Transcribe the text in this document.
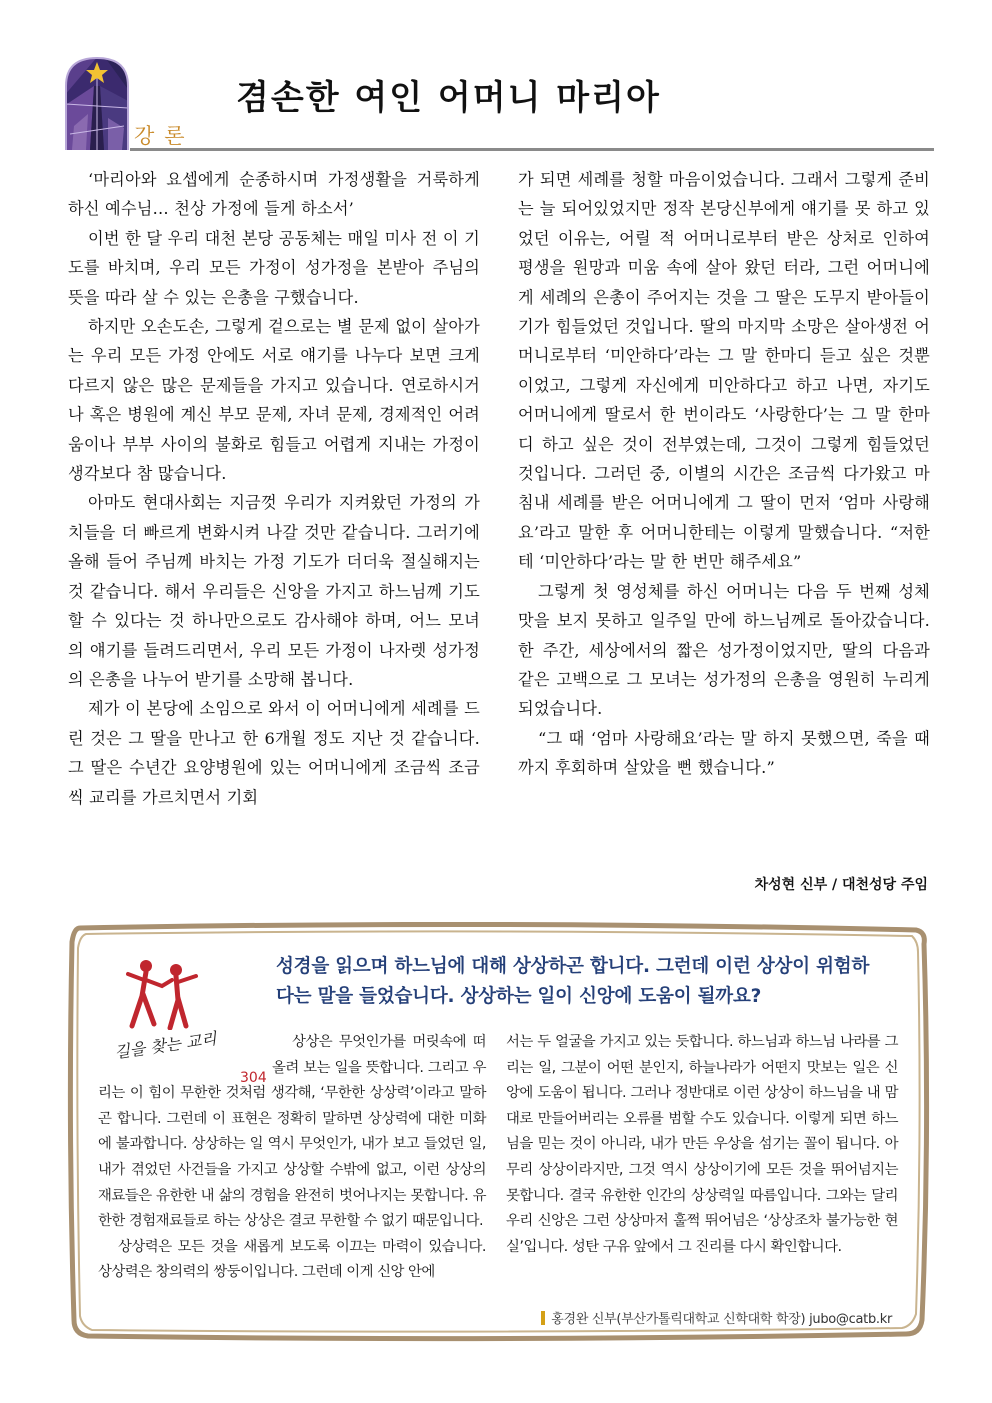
강론
겸손한 여인 어머니 마리아

‘마리아와 요셉에게 순종하시며 가정생활을 거룩하게 하신 예수님… 천상 가정에 들게 하소서’

이번 한 달 우리 대천 본당 공동체는 매일 미사 전 이 기도를 바치며, 우리 모든 가정이 성가정을 본받아 주님의 뜻을 따라 살 수 있는 은총을 구했습니다.

하지만 오손도손, 그렇게 겉으로는 별 문제 없이 살아가는 우리 모든 가정 안에도 서로 얘기를 나누다 보면 크게 다르지 않은 많은 문제들을 가지고 있습니다. 연로하시거나 혹은 병원에 계신 부모 문제, 자녀 문제, 경제적인 어려움이나 부부 사이의 불화로 힘들고 어렵게 지내는 가정이 생각보다 참 많습니다.

아마도 현대사회는 지금껏 우리가 지켜왔던 가정의 가치들을 더 빠르게 변화시켜 나갈 것만 같습니다. 그러기에 올해 들어 주님께 바치는 가정 기도가 더더욱 절실해지는 것 같습니다. 해서 우리들은 신앙을 가지고 하느님께 기도할 수 있다는 것 하나만으로도 감사해야 하며, 어느 모녀의 얘기를 들려드리면서, 우리 모든 가정이 나자렛 성가정의 은총을 나누어 받기를 소망해 봅니다.

제가 이 본당에 소임으로 와서 이 어머니에게 세례를 드린 것은 그 딸을 만나고 한 6개월 정도 지난 것 같습니다. 그 딸은 수년간 요양병원에 있는 어머니에게 조금씩 조금씩 교리를 가르치면서 기회

가 되면 세례를 청할 마음이었습니다. 그래서 그렇게 준비는 늘 되어있었지만 정작 본당신부에게 얘기를 못 하고 있었던 이유는, 어릴 적 어머니로부터 받은 상처로 인하여 평생을 원망과 미움 속에 살아 왔던 터라, 그런 어머니에게 세례의 은총이 주어지는 것을 그 딸은 도무지 받아들이기가 힘들었던 것입니다. 딸의 마지막 소망은 살아생전 어머니로부터 ‘미안하다’라는 그 말 한마디 듣고 싶은 것뿐이었고, 그렇게 자신에게 미안하다고 하고 나면, 자기도 어머니에게 딸로서 한 번이라도 ‘사랑한다’는 그 말 한마디 하고 싶은 것이 전부였는데, 그것이 그렇게 힘들었던 것입니다. 그러던 중, 이별의 시간은 조금씩 다가왔고 마침내 세례를 받은 어머니에게 그 딸이 먼저 ‘엄마 사랑해요’라고 말한 후 어머니한테는 이렇게 말했습니다. “저한테 ‘미안하다’라는 말 한 번만 해주세요”

그렇게 첫 영성체를 하신 어머니는 다음 두 번째 성체 맛을 보지 못하고 일주일 만에 하느님께로 돌아갔습니다. 한 주간, 세상에서의 짧은 성가정이었지만, 딸의 다음과 같은 고백으로 그 모녀는 성가정의 은총을 영원히 누리게 되었습니다.

“그 때 ‘엄마 사랑해요’라는 말 하지 못했으면, 죽을 때까지 후회하며 살았을 뻔 했습니다.”

차성현 신부 / 대천성당 주임

길을 찾는 교리
304

성경을 읽으며 하느님에 대해 상상하곤 합니다. 그런데 이런 상상이 위험하다는 말을 들었습니다. 상상하는 일이 신앙에 도움이 될까요?

상상은 무엇인가를 머릿속에 떠올려 보는 일을 뜻합니다. 그리고 우리는 이 힘이 무한한 것처럼 생각해, ‘무한한 상상력’이라고 말하곤 합니다. 그런데 이 표현은 정확히 말하면 상상력에 대한 미화에 불과합니다. 상상하는 일 역시 무엇인가, 내가 보고 들었던 일, 내가 겪었던 사건들을 가지고 상상할 수밖에 없고, 이런 상상의 재료들은 유한한 내 삶의 경험을 완전히 벗어나지는 못합니다. 유한한 경험재료들로 하는 상상은 결코 무한할 수 없기 때문입니다.

상상력은 모든 것을 새롭게 보도록 이끄는 마력이 있습니다. 상상력은 창의력의 쌍둥이입니다. 그런데 이게 신앙 안에

서는 두 얼굴을 가지고 있는 듯합니다. 하느님과 하느님 나라를 그리는 일, 그분이 어떤 분인지, 하늘나라가 어떤지 맛보는 일은 신앙에 도움이 됩니다. 그러나 정반대로 이런 상상이 하느님을 내 맘대로 만들어버리는 오류를 범할 수도 있습니다. 이렇게 되면 하느님을 믿는 것이 아니라, 내가 만든 우상을 섬기는 꼴이 됩니다. 아무리 상상이라지만, 그것 역시 상상이기에 모든 것을 뛰어넘지는 못합니다. 결국 유한한 인간의 상상력일 따름입니다. 그와는 달리 우리 신앙은 그런 상상마저 훌쩍 뛰어넘은 ‘상상조차 불가능한 현실’입니다. 성탄 구유 앞에서 그 진리를 다시 확인합니다.

홍경완 신부(부산가톨릭대학교 신학대학 학장) jubo@catb.kr
